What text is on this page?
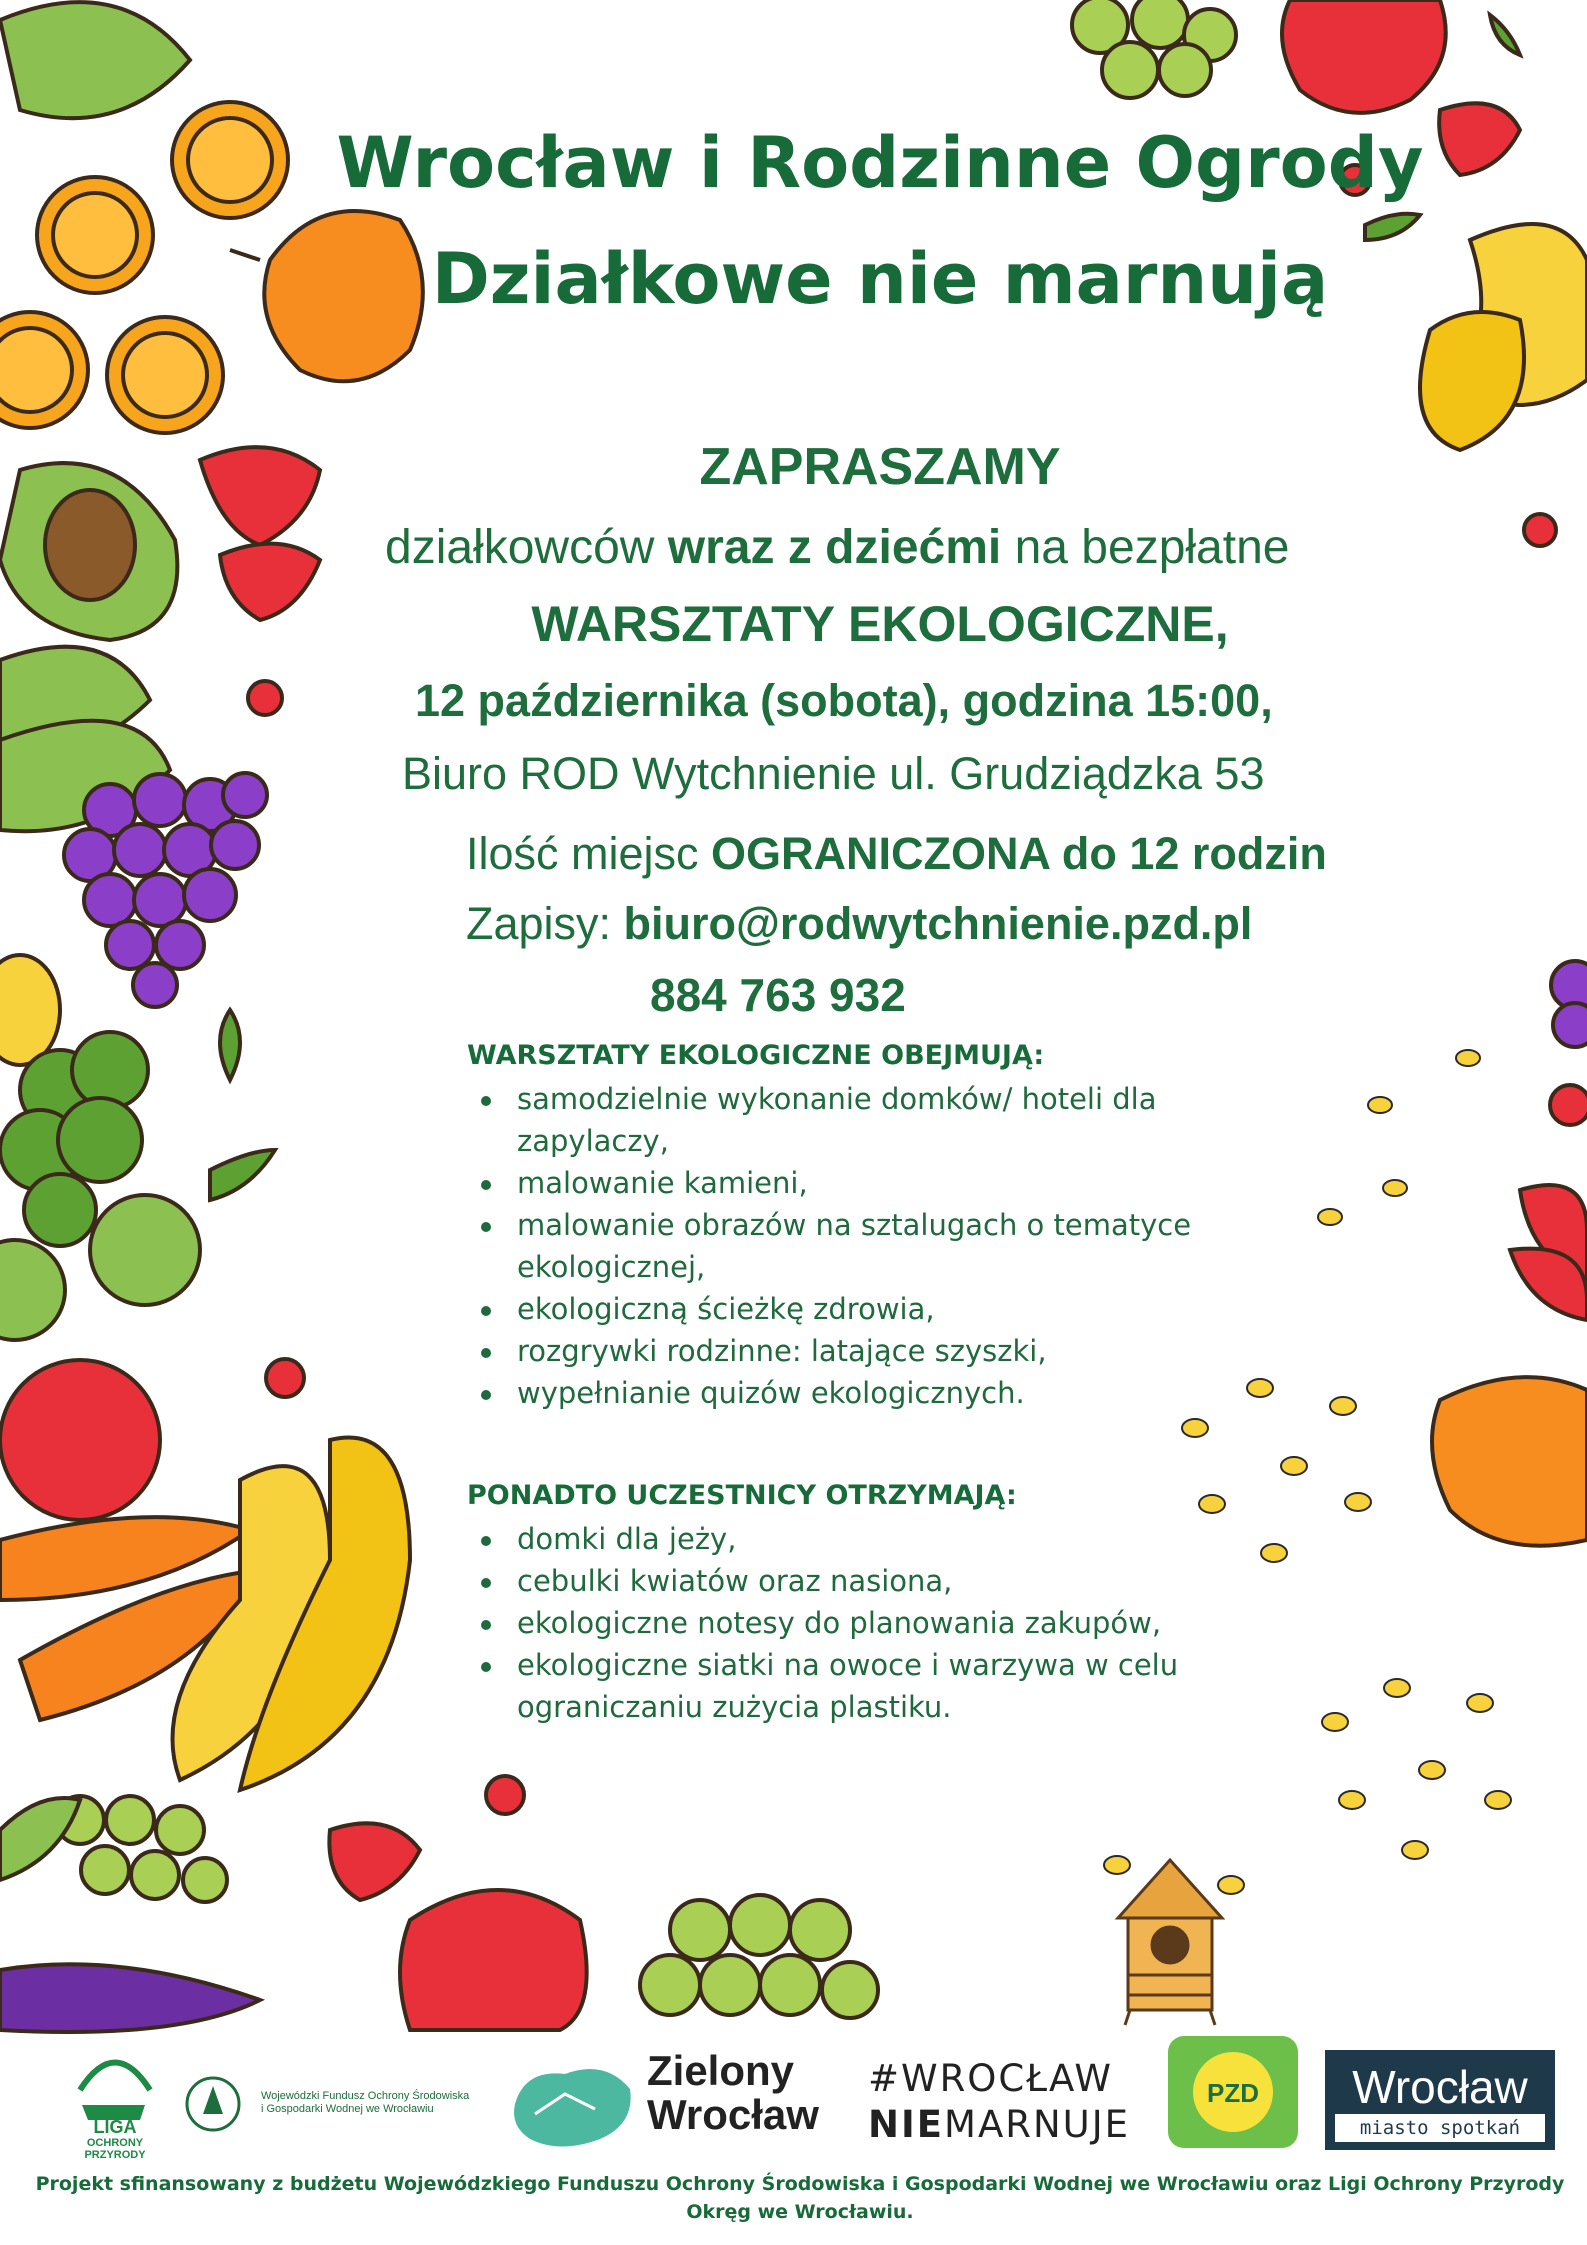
Wrocław i Rodzinne Ogrody Działkowe nie marnują
ZAPRASZAMY
działkowców wraz z dziećmi na bezpłatne
WARSZTATY EKOLOGICZNE,
12 października (sobota), godzina 15:00,
Biuro ROD Wytchnienie ul. Grudziądzka 53
Ilość miejsc OGRANICZONA do 12 rodzin
Zapisy: biuro@rodwytchnienie.pzd.pl
884 763 932
WARSZTATY EKOLOGICZNE OBEJMUJĄ:
samodzielnie wykonanie domków/ hoteli dla zapylaczy,
malowanie kamieni,
malowanie obrazów na sztalugach o tematyce ekologicznej,
ekologiczną ścieżkę zdrowia,
rozgrywki rodzinne: latające szyszki,
wypełnianie quizów ekologicznych.
PONADTO UCZESTNICY OTRZYMAJĄ:
domki dla jeży,
cebulki kwiatów oraz nasiona,
ekologiczne notesy do planowania zakupów,
ekologiczne siatki na owoce i warzywa w celu ograniczaniu zużycia plastiku.
LIGA
OCHRONY
PRZYRODY
Wojewódzki Fundusz Ochrony Środowiska
i Gospodarki Wodnej we Wrocławiu
Zielony
Wrocław
#WROCŁAW
NIEMARNUJE
PZD	Wrocław
miasto spotkań
Projekt sfinansowany z budżetu Wojewódzkiego Funduszu Ochrony Środowiska i Gospodarki Wodnej we Wrocławiu oraz Ligi Ochrony Przyrody Okręg we Wrocławiu.
